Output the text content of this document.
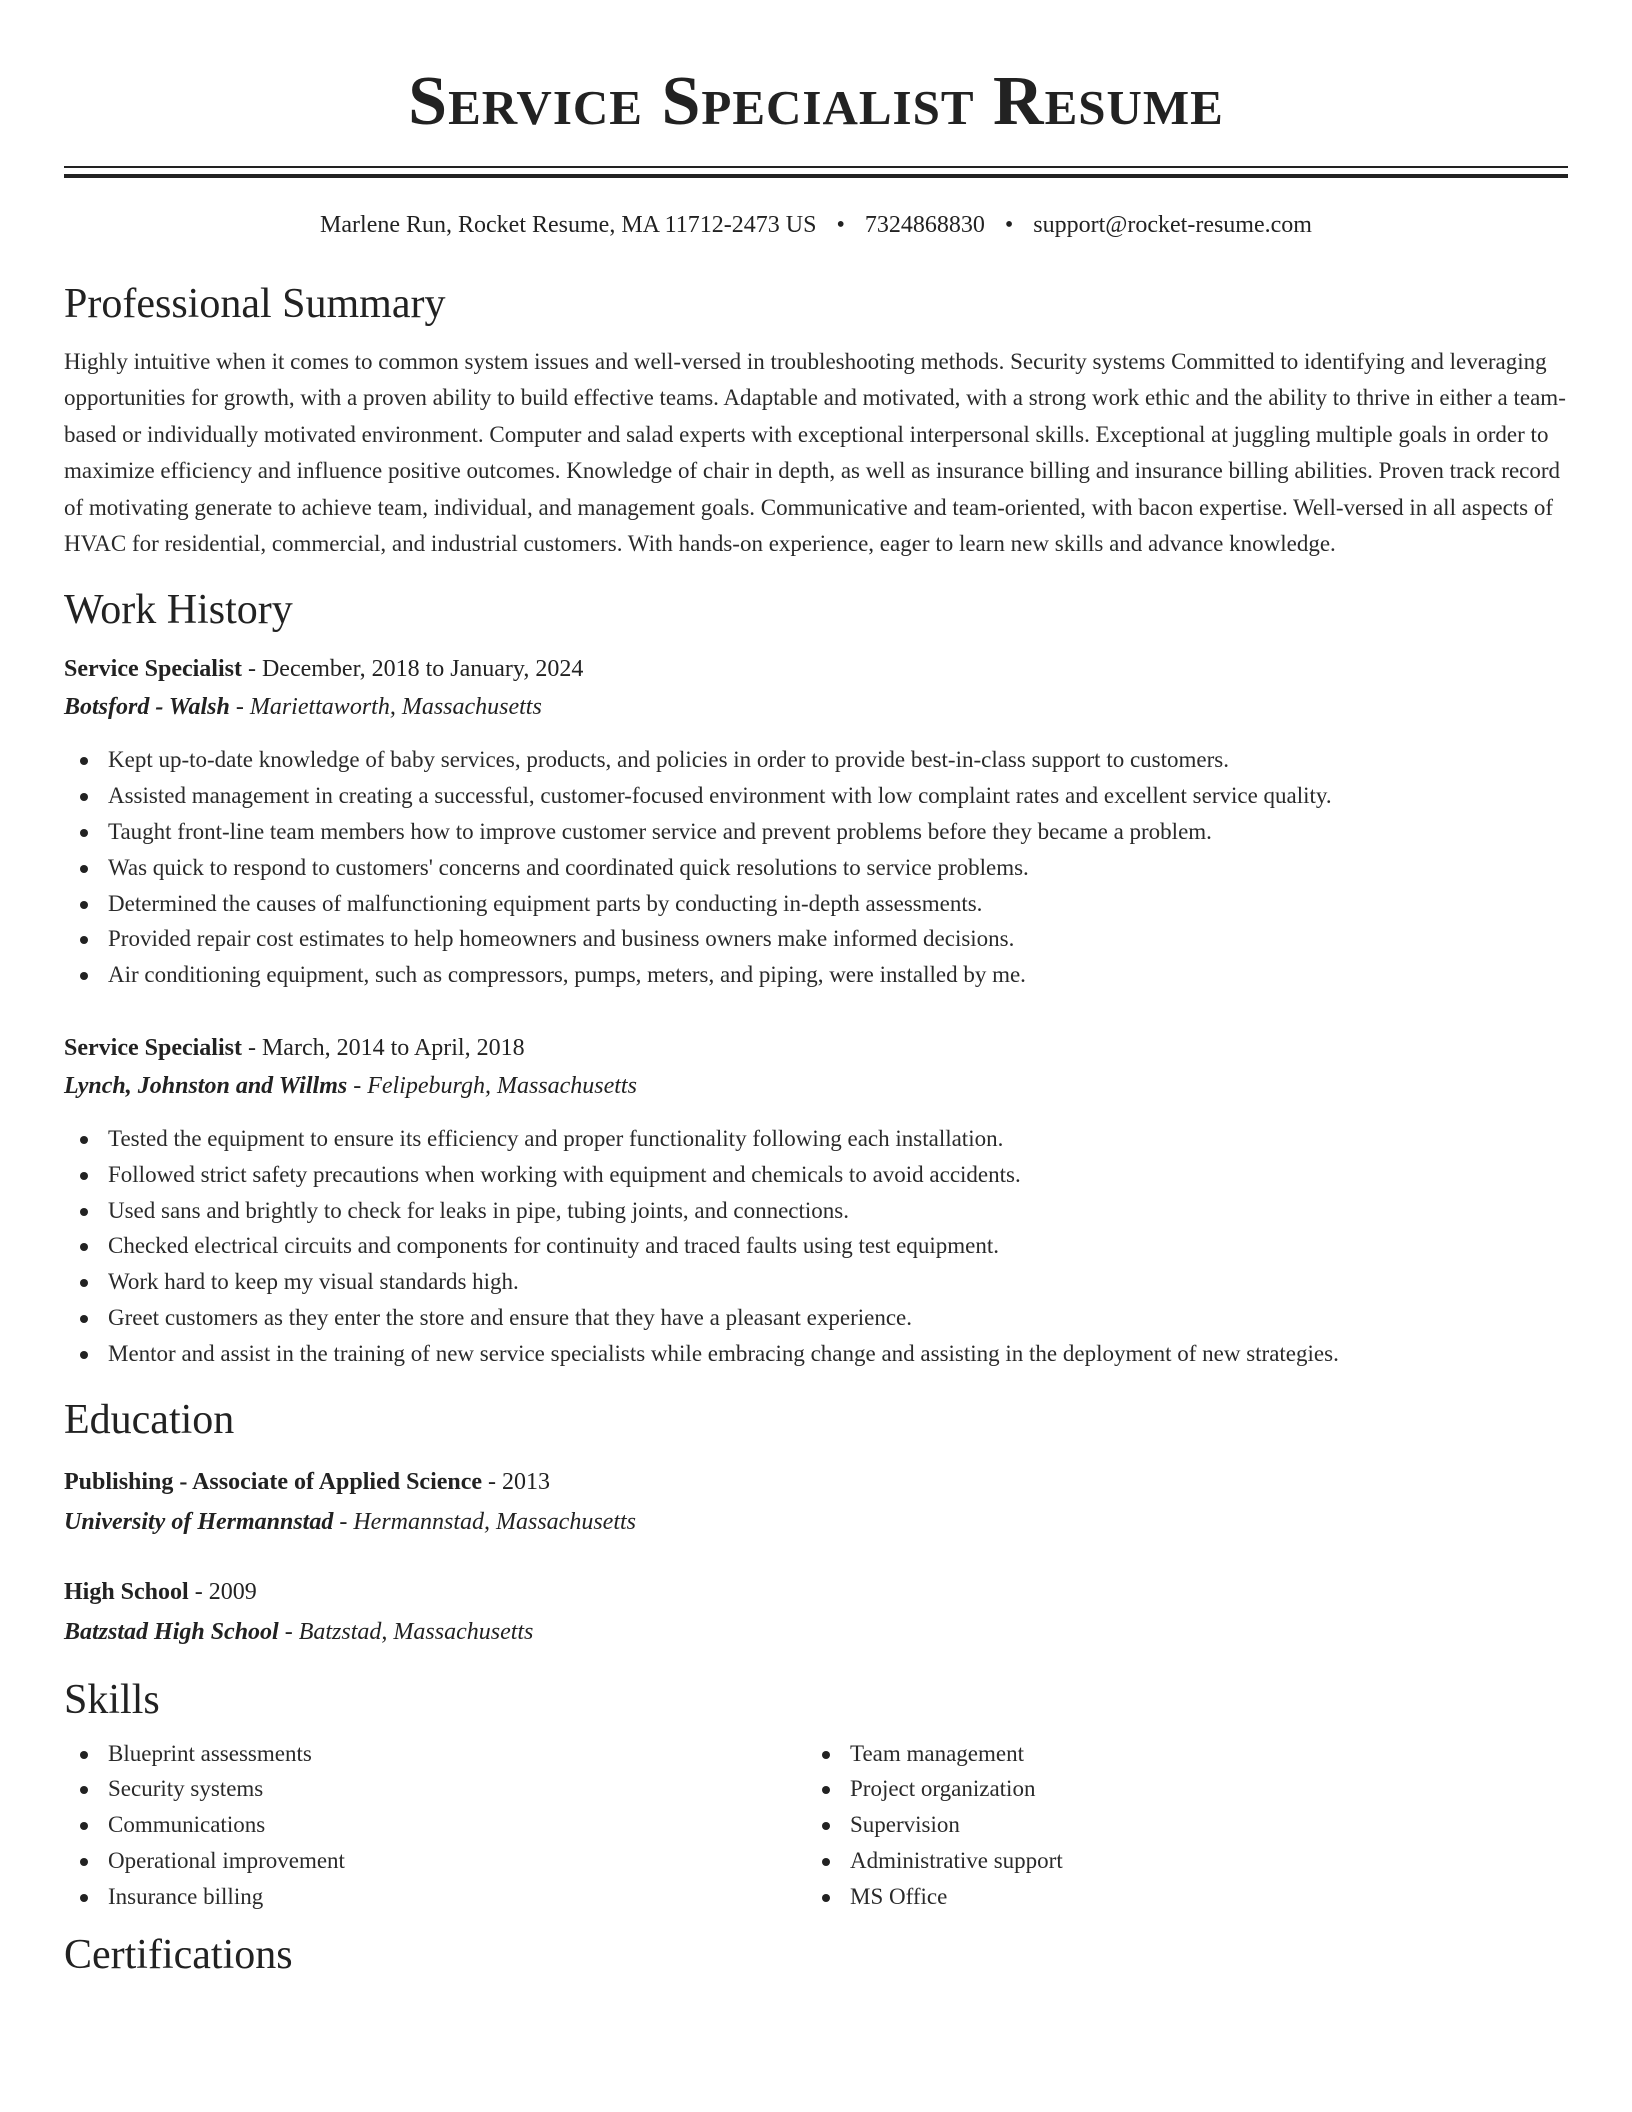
Service Specialist Resume
Marlene Run, Rocket Resume, MA 11712-2473 US • 7324868830 • support@rocket-resume.com
Professional Summary

Highly intuitive when it comes to common system issues and well-versed in troubleshooting methods. Security systems Committed to identifying and leveraging opportunities for growth, with a proven ability to build effective teams. Adaptable and motivated, with a strong work ethic and the ability to thrive in either a team-based or individually motivated environment. Computer and salad experts with exceptional interpersonal skills. Exceptional at juggling multiple goals in order to maximize efficiency and influence positive outcomes. Knowledge of chair in depth, as well as insurance billing and insurance billing abilities. Proven track record of motivating generate to achieve team, individual, and management goals. Communicative and team-oriented, with bacon expertise. Well-versed in all aspects of HVAC for residential, commercial, and industrial customers. With hands-on experience, eager to learn new skills and advance knowledge.

Work History
Service Specialist - December, 2018 to January, 2024
Botsford - Walsh - Mariettaworth, Massachusetts
Kept up-to-date knowledge of baby services, products, and policies in order to provide best-in-class support to customers.
Assisted management in creating a successful, customer-focused environment with low complaint rates and excellent service quality.
Taught front-line team members how to improve customer service and prevent problems before they became a problem.
Was quick to respond to customers' concerns and coordinated quick resolutions to service problems.
Determined the causes of malfunctioning equipment parts by conducting in-depth assessments.
Provided repair cost estimates to help homeowners and business owners make informed decisions.
Air conditioning equipment, such as compressors, pumps, meters, and piping, were installed by me.
Service Specialist - March, 2014 to April, 2018
Lynch, Johnston and Willms - Felipeburgh, Massachusetts
Tested the equipment to ensure its efficiency and proper functionality following each installation.
Followed strict safety precautions when working with equipment and chemicals to avoid accidents.
Used sans and brightly to check for leaks in pipe, tubing joints, and connections.
Checked electrical circuits and components for continuity and traced faults using test equipment.
Work hard to keep my visual standards high.
Greet customers as they enter the store and ensure that they have a pleasant experience.
Mentor and assist in the training of new service specialists while embracing change and assisting in the deployment of new strategies.
Education
Publishing - Associate of Applied Science - 2013
University of Hermannstad - Hermannstad, Massachusetts
High School - 2009
Batzstad High School - Batzstad, Massachusetts
Skills
Blueprint assessments
Security systems
Communications
Operational improvement
Insurance billing
Team management
Project organization
Supervision
Administrative support
MS Office
Certifications
